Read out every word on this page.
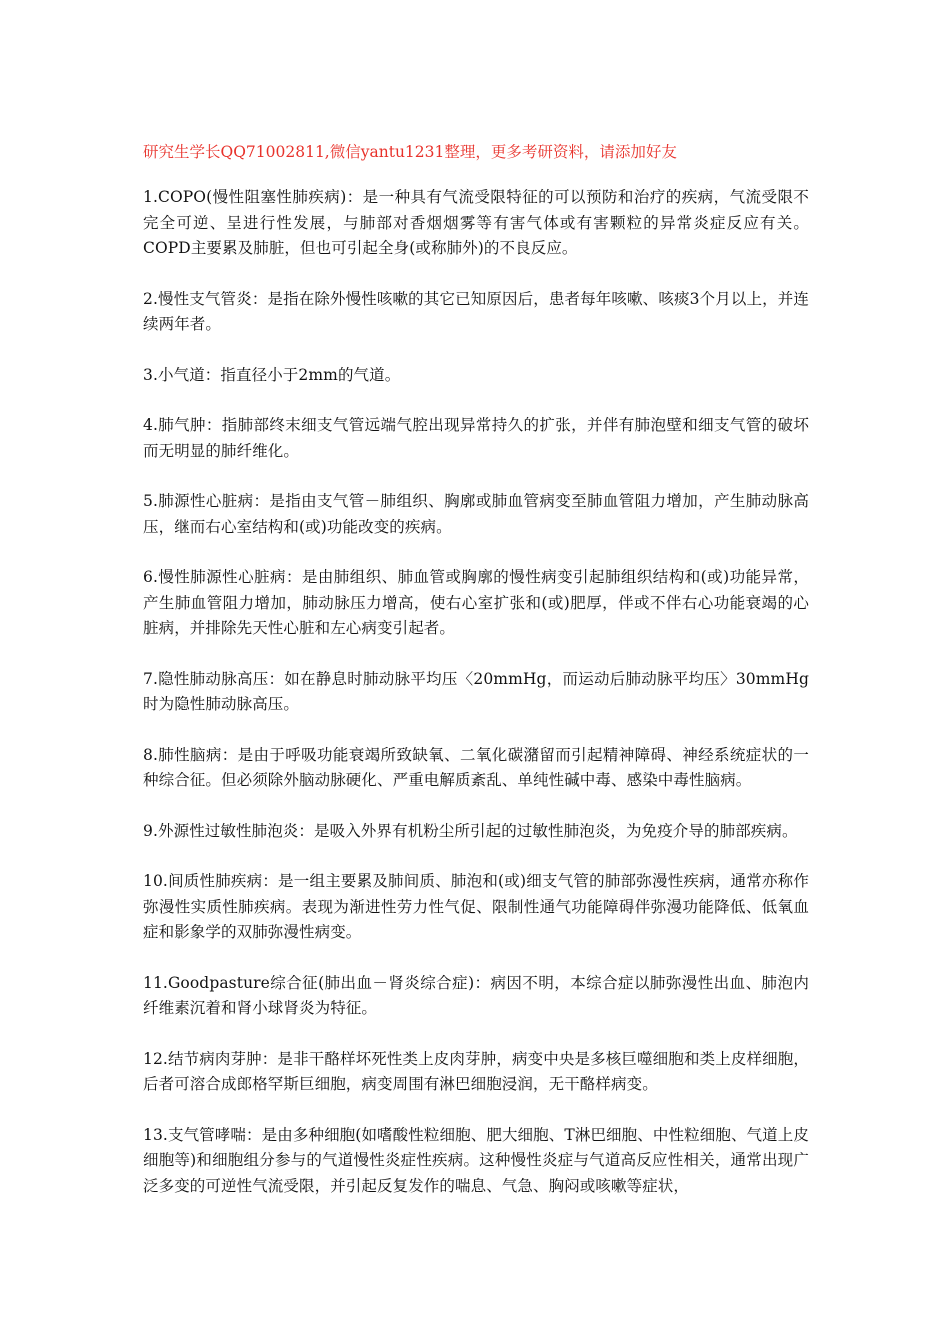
研究生学长QQ71002811,微信yantu1231整理，更多考研资料，请添加好友

1.COPO(慢性阻塞性肺疾病)：是一种具有气流受限特征的可以预防和治疗的疾病，气流受限不完全可逆、呈进行性发展，与肺部对香烟烟雾等有害气体或有害颗粒的异常炎症反应有关。COPD主要累及肺脏，但也可引起全身(或称肺外)的不良反应。

2.慢性支气管炎：是指在除外慢性咳嗽的其它已知原因后，患者每年咳嗽、咳痰3个月以上，并连续两年者。

3.小气道：指直径小于2mm的气道。

4.肺气肿：指肺部终末细支气管远端气腔出现异常持久的扩张，并伴有肺泡壁和细支气管的破坏而无明显的肺纤维化。

5.肺源性心脏病：是指由支气管－肺组织、胸廓或肺血管病变至肺血管阻力增加，产生肺动脉高压，继而右心室结构和(或)功能改变的疾病。

6.慢性肺源性心脏病：是由肺组织、肺血管或胸廓的慢性病变引起肺组织结构和(或)功能异常，产生肺血管阻力增加，肺动脉压力增高，使右心室扩张和(或)肥厚，伴或不伴右心功能衰竭的心脏病，并排除先天性心脏和左心病变引起者。

7.隐性肺动脉高压：如在静息时肺动脉平均压〈20mmHg，而运动后肺动脉平均压〉30mmHg时为隐性肺动脉高压。

8.肺性脑病：是由于呼吸功能衰竭所致缺氧、二氧化碳潴留而引起精神障碍、神经系统症状的一种综合征。但必须除外脑动脉硬化、严重电解质紊乱、单纯性碱中毒、感染中毒性脑病。

9.外源性过敏性肺泡炎：是吸入外界有机粉尘所引起的过敏性肺泡炎，为免疫介导的肺部疾病。

10.间质性肺疾病：是一组主要累及肺间质、肺泡和(或)细支气管的肺部弥漫性疾病，通常亦称作弥漫性实质性肺疾病。表现为渐进性劳力性气促、限制性通气功能障碍伴弥漫功能降低、低氧血症和影象学的双肺弥漫性病变。

11.Goodpasture综合征(肺出血－肾炎综合症)：病因不明，本综合症以肺弥漫性出血、肺泡内纤维素沉着和肾小球肾炎为特征。

12.结节病肉芽肿：是非干酪样坏死性类上皮肉芽肿，病变中央是多核巨噬细胞和类上皮样细胞，后者可溶合成郎格罕斯巨细胞，病变周围有淋巴细胞浸润，无干酪样病变。

13.支气管哮喘：是由多种细胞(如嗜酸性粒细胞、肥大细胞、T淋巴细胞、中性粒细胞、气道上皮细胞等)和细胞组分参与的气道慢性炎症性疾病。这种慢性炎症与气道高反应性相关，通常出现广泛多变的可逆性气流受限，并引起反复发作的喘息、气急、胸闷或咳嗽等症状，
